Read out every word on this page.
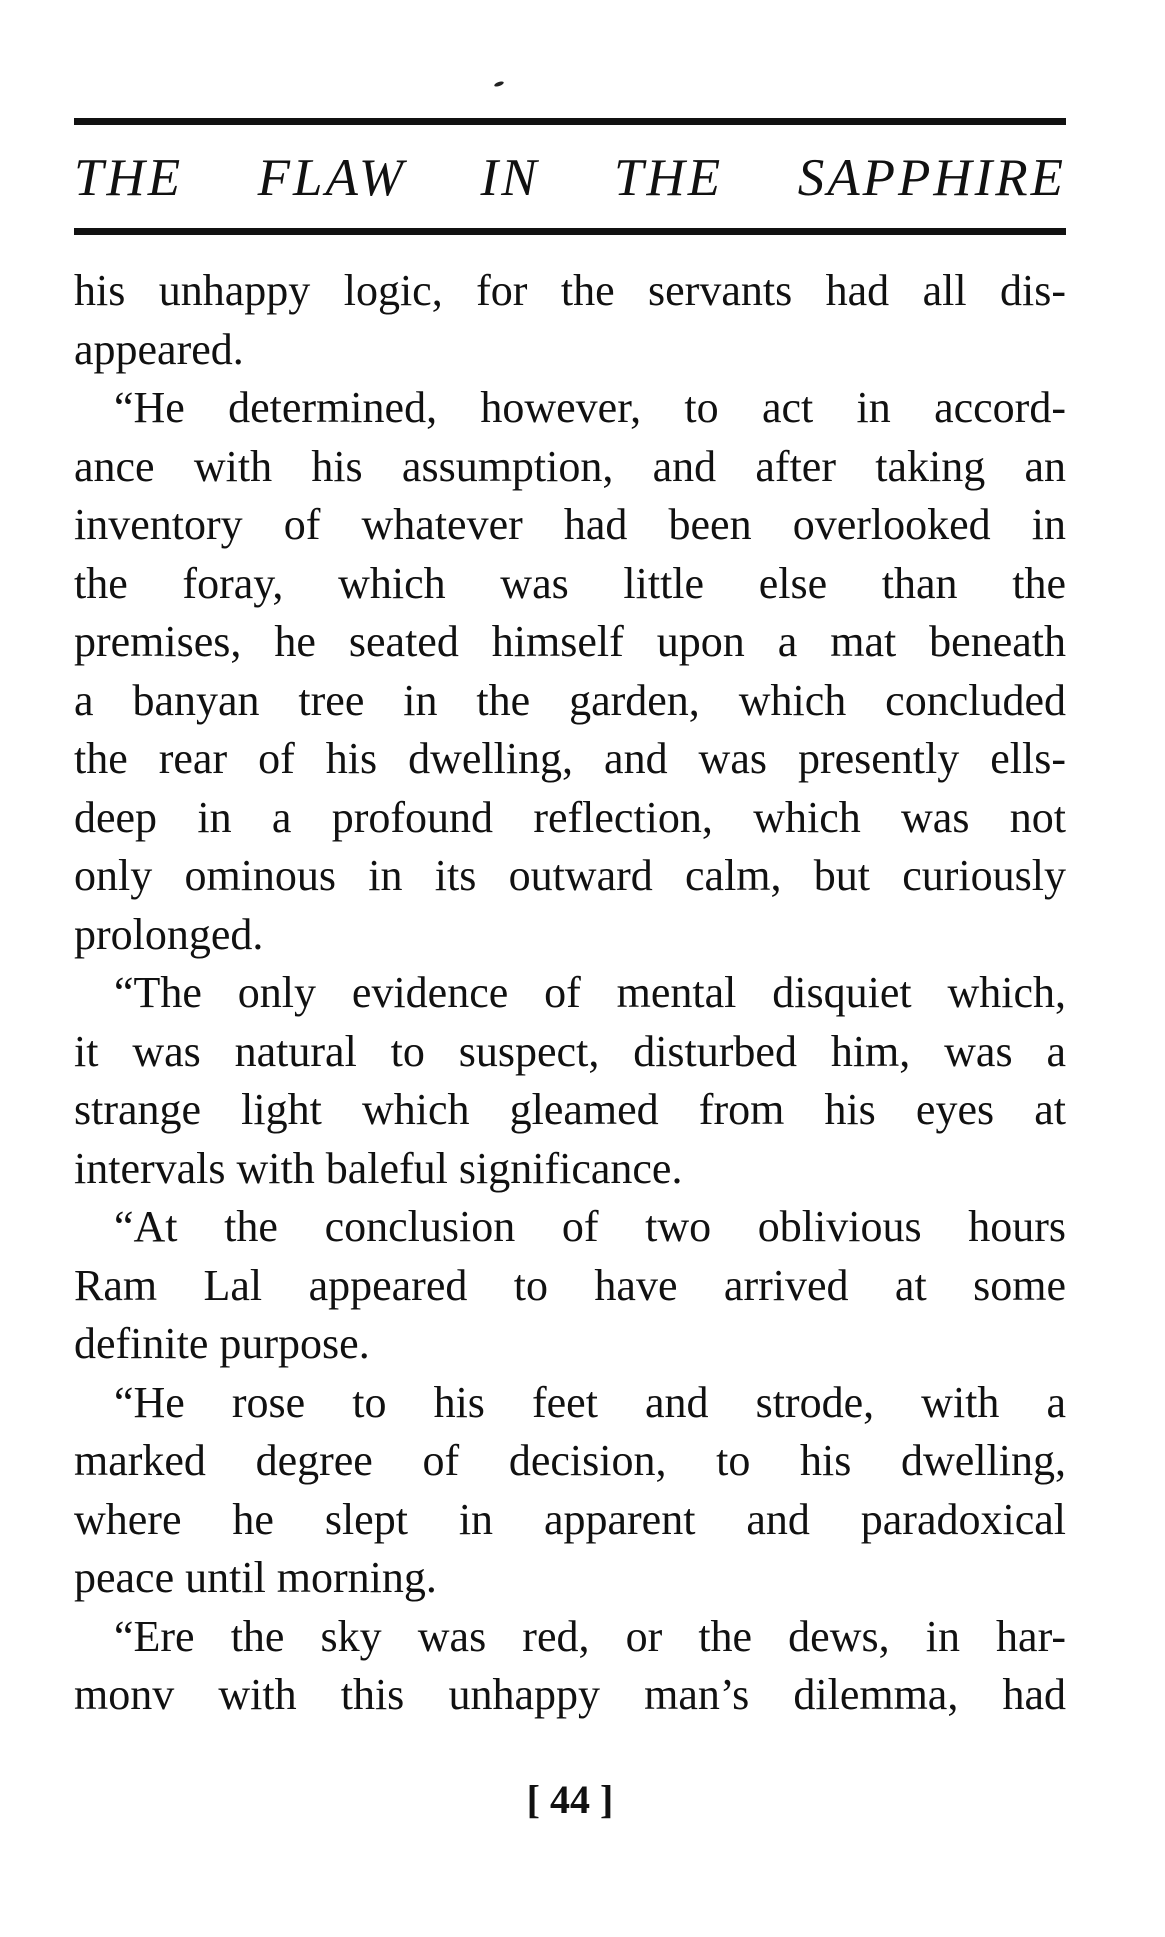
THE FLAW IN THE SAPPHIRE
his unhappy logic, for the servants had all dis-
appeared.
“He determined, however, to act in accord-
ance with his assumption, and after taking an
inventory of whatever had been overlooked in
the foray, which was little else than the
premises, he seated himself upon a mat beneath
a banyan tree in the garden, which concluded
the rear of his dwelling, and was presently ells-
deep in a profound reflection, which was not
only ominous in its outward calm, but curiously
prolonged.
“The only evidence of mental disquiet which,
it was natural to suspect, disturbed him, was a
strange light which gleamed from his eyes at
intervals with baleful significance.
“At the conclusion of two oblivious hours
Ram Lal appeared to have arrived at some
definite purpose.
“He rose to his feet and strode, with a
marked degree of decision, to his dwelling,
where he slept in apparent and paradoxical
peace until morning.
“Ere the sky was red, or the dews, in har-
monv with this unhappy man’s dilemma, had
[ 44 ]
